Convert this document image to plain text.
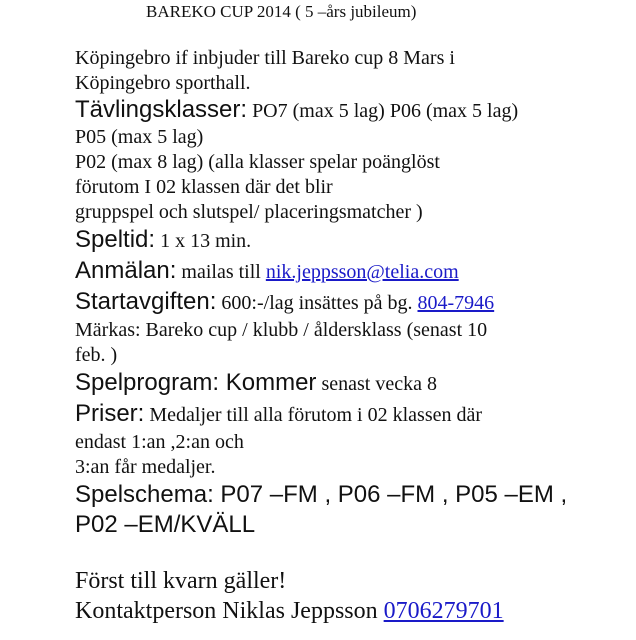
BAREKO CUP 2014 ( 5 –års jubileum)
Köpingebro if inbjuder till Bareko cup 8 Mars i
Köpingebro sporthall.
Tävlingsklasser: PO7 (max 5 lag) P06 (max 5 lag)
P05 (max 5 lag)
P02 (max 8 lag) (alla klasser spelar poänglöst
förutom I 02 klassen där det blir
gruppspel och slutspel/ placeringsmatcher )
Speltid: 1 x 13 min.
Anmälan: mailas till nik.jeppsson@telia.com
Startavgiften: 600:-/lag insättes på bg. 804-7946
Märkas: Bareko cup / klubb / åldersklass (senast 10
feb. )
Spelprogram: Kommer senast vecka 8
Priser: Medaljer till alla förutom i 02 klassen där
endast 1:an ,2:an och
3:an får medaljer.
Spelschema: P07 –FM , P06 –FM , P05 –EM ,
P02 –EM/KVÄLL
Först till kvarn gäller!
Kontaktperson Niklas Jeppsson 0706279701
